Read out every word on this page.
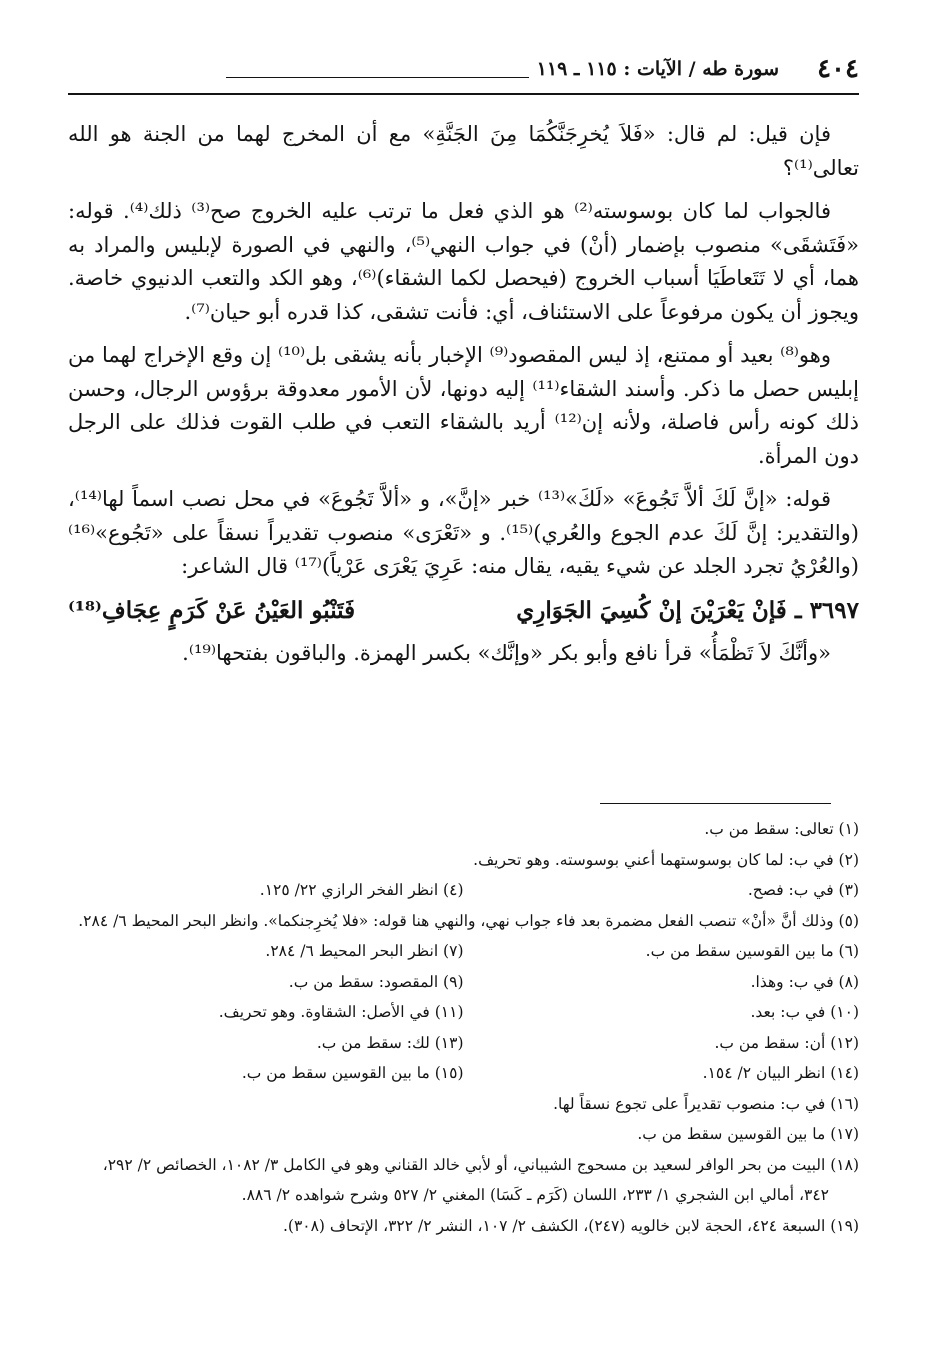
٤٠٤
سورة طه / الآيات : ١١٥ ـ ١١٩

فإن قيل: لم قال: «فَلاَ يُخرِجَنَّكُمَا مِنَ الجَنَّةِ» مع أن المخرج لهما من الجنة هو الله تعالى⁽¹⁾؟

فالجواب لما كان بوسوسته⁽²⁾ هو الذي فعل ما ترتب عليه الخروج صح⁽³⁾ ذلك⁽⁴⁾. قوله: «فَتَشقَى» منصوب بإضمار (أنْ) في جواب النهي⁽⁵⁾، والنهي في الصورة لإبليس والمراد به هما، أي لا تَتَعاطَيَا أسباب الخروج (فيحصل لكما الشقاء)⁽⁶⁾، وهو الكد والتعب الدنيوي خاصة. ويجوز أن يكون مرفوعاً على الاستئناف، أي: فأنت تشقى، كذا قدره أبو حيان⁽⁷⁾.

وهو⁽⁸⁾ بعيد أو ممتنع، إذ ليس المقصود⁽⁹⁾ الإخبار بأنه يشقى بل⁽¹⁰⁾ إن وقع الإخراج لهما من إبليس حصل ما ذكر. وأسند الشقاء⁽¹¹⁾ إليه دونها، لأن الأمور معدوقة برؤوس الرجال، وحسن ذلك كونه رأس فاصلة، ولأنه إن⁽¹²⁾ أريد بالشقاء التعب في طلب القوت فذلك على الرجل دون المرأة.

قوله: «إنَّ لَكَ ألاَّ تَجُوعَ» «لَكَ»⁽¹³⁾ خبر «إنَّ»، و «ألاَّ تَجُوعَ» في محل نصب اسماً لها⁽¹⁴⁾، (والتقدير: إنَّ لَكَ عدم الجوع والعُري)⁽¹⁵⁾. و «تَعْرَى» منصوب تقديراً نسقاً على «تَجُوع»⁽¹⁶⁾ (والعُرْيُ تجرد الجلد عن شيء يقيه، يقال منه: عَرِيَ يَعْرَى عَرْياً)⁽¹⁷⁾ قال الشاعر:

٣٦٩٧ ـ فَإنْ يَعْرَيْنَ إنْ كُسِيَ الجَوَارِي
فَتَنْبُو العَيْنُ عَنْ كَرَمٍ عِجَافِ⁽¹⁸⁾

«وأنَّكَ لاَ تَظْمَأُ» قرأ نافع وأبو بكر «وإنَّك» بكسر الهمزة. والباقون بفتحها⁽¹⁹⁾.

(١) تعالى: سقط من ب.

(٢) في ب: لما كان بوسوستهما أعني بوسوسته. وهو تحريف.

(٣) في ب: فصح.

(٤) انظر الفخر الرازي ٢٢/ ١٢٥.

(٥) وذلك أنَّ «أنْ» تنصب الفعل مضمرة بعد فاء جواب نهي، والنهي هنا قوله: «فلا يُخرِجنكما». وانظر البحر المحيط ٦/ ٢٨٤.

(٦) ما بين القوسين سقط من ب.

(٧) انظر البحر المحيط ٦/ ٢٨٤.

(٨) في ب: وهذا.

(٩) المقصود: سقط من ب.

(١٠) في ب: بعد.

(١١) في الأصل: الشقاوة. وهو تحريف.

(١٢) أن: سقط من ب.

(١٣) لك: سقط من ب.

(١٤) انظر البيان ٢/ ١٥٤.

(١٥) ما بين القوسين سقط من ب.

(١٦) في ب: منصوب تقديراً على تجوع نسقاً لها.

(١٧) ما بين القوسين سقط من ب.

(١٨) البيت من بحر الوافر لسعيد بن مسحوج الشيباني، أو لأبي خالد القناني وهو في الكامل ٣/ ١٠٨٢، الخصائص ٢/ ٢٩٢، ٣٤٢، أمالي ابن الشجري ١/ ٢٣٣، اللسان (كَرَم ـ كَسَا) المغني ٢/ ٥٢٧ وشرح شواهده ٢/ ٨٨٦.

(١٩) السبعة ٤٢٤، الحجة لابن خالويه (٢٤٧)، الكشف ٢/ ١٠٧، النشر ٢/ ٣٢٢، الإتحاف (٣٠٨).
